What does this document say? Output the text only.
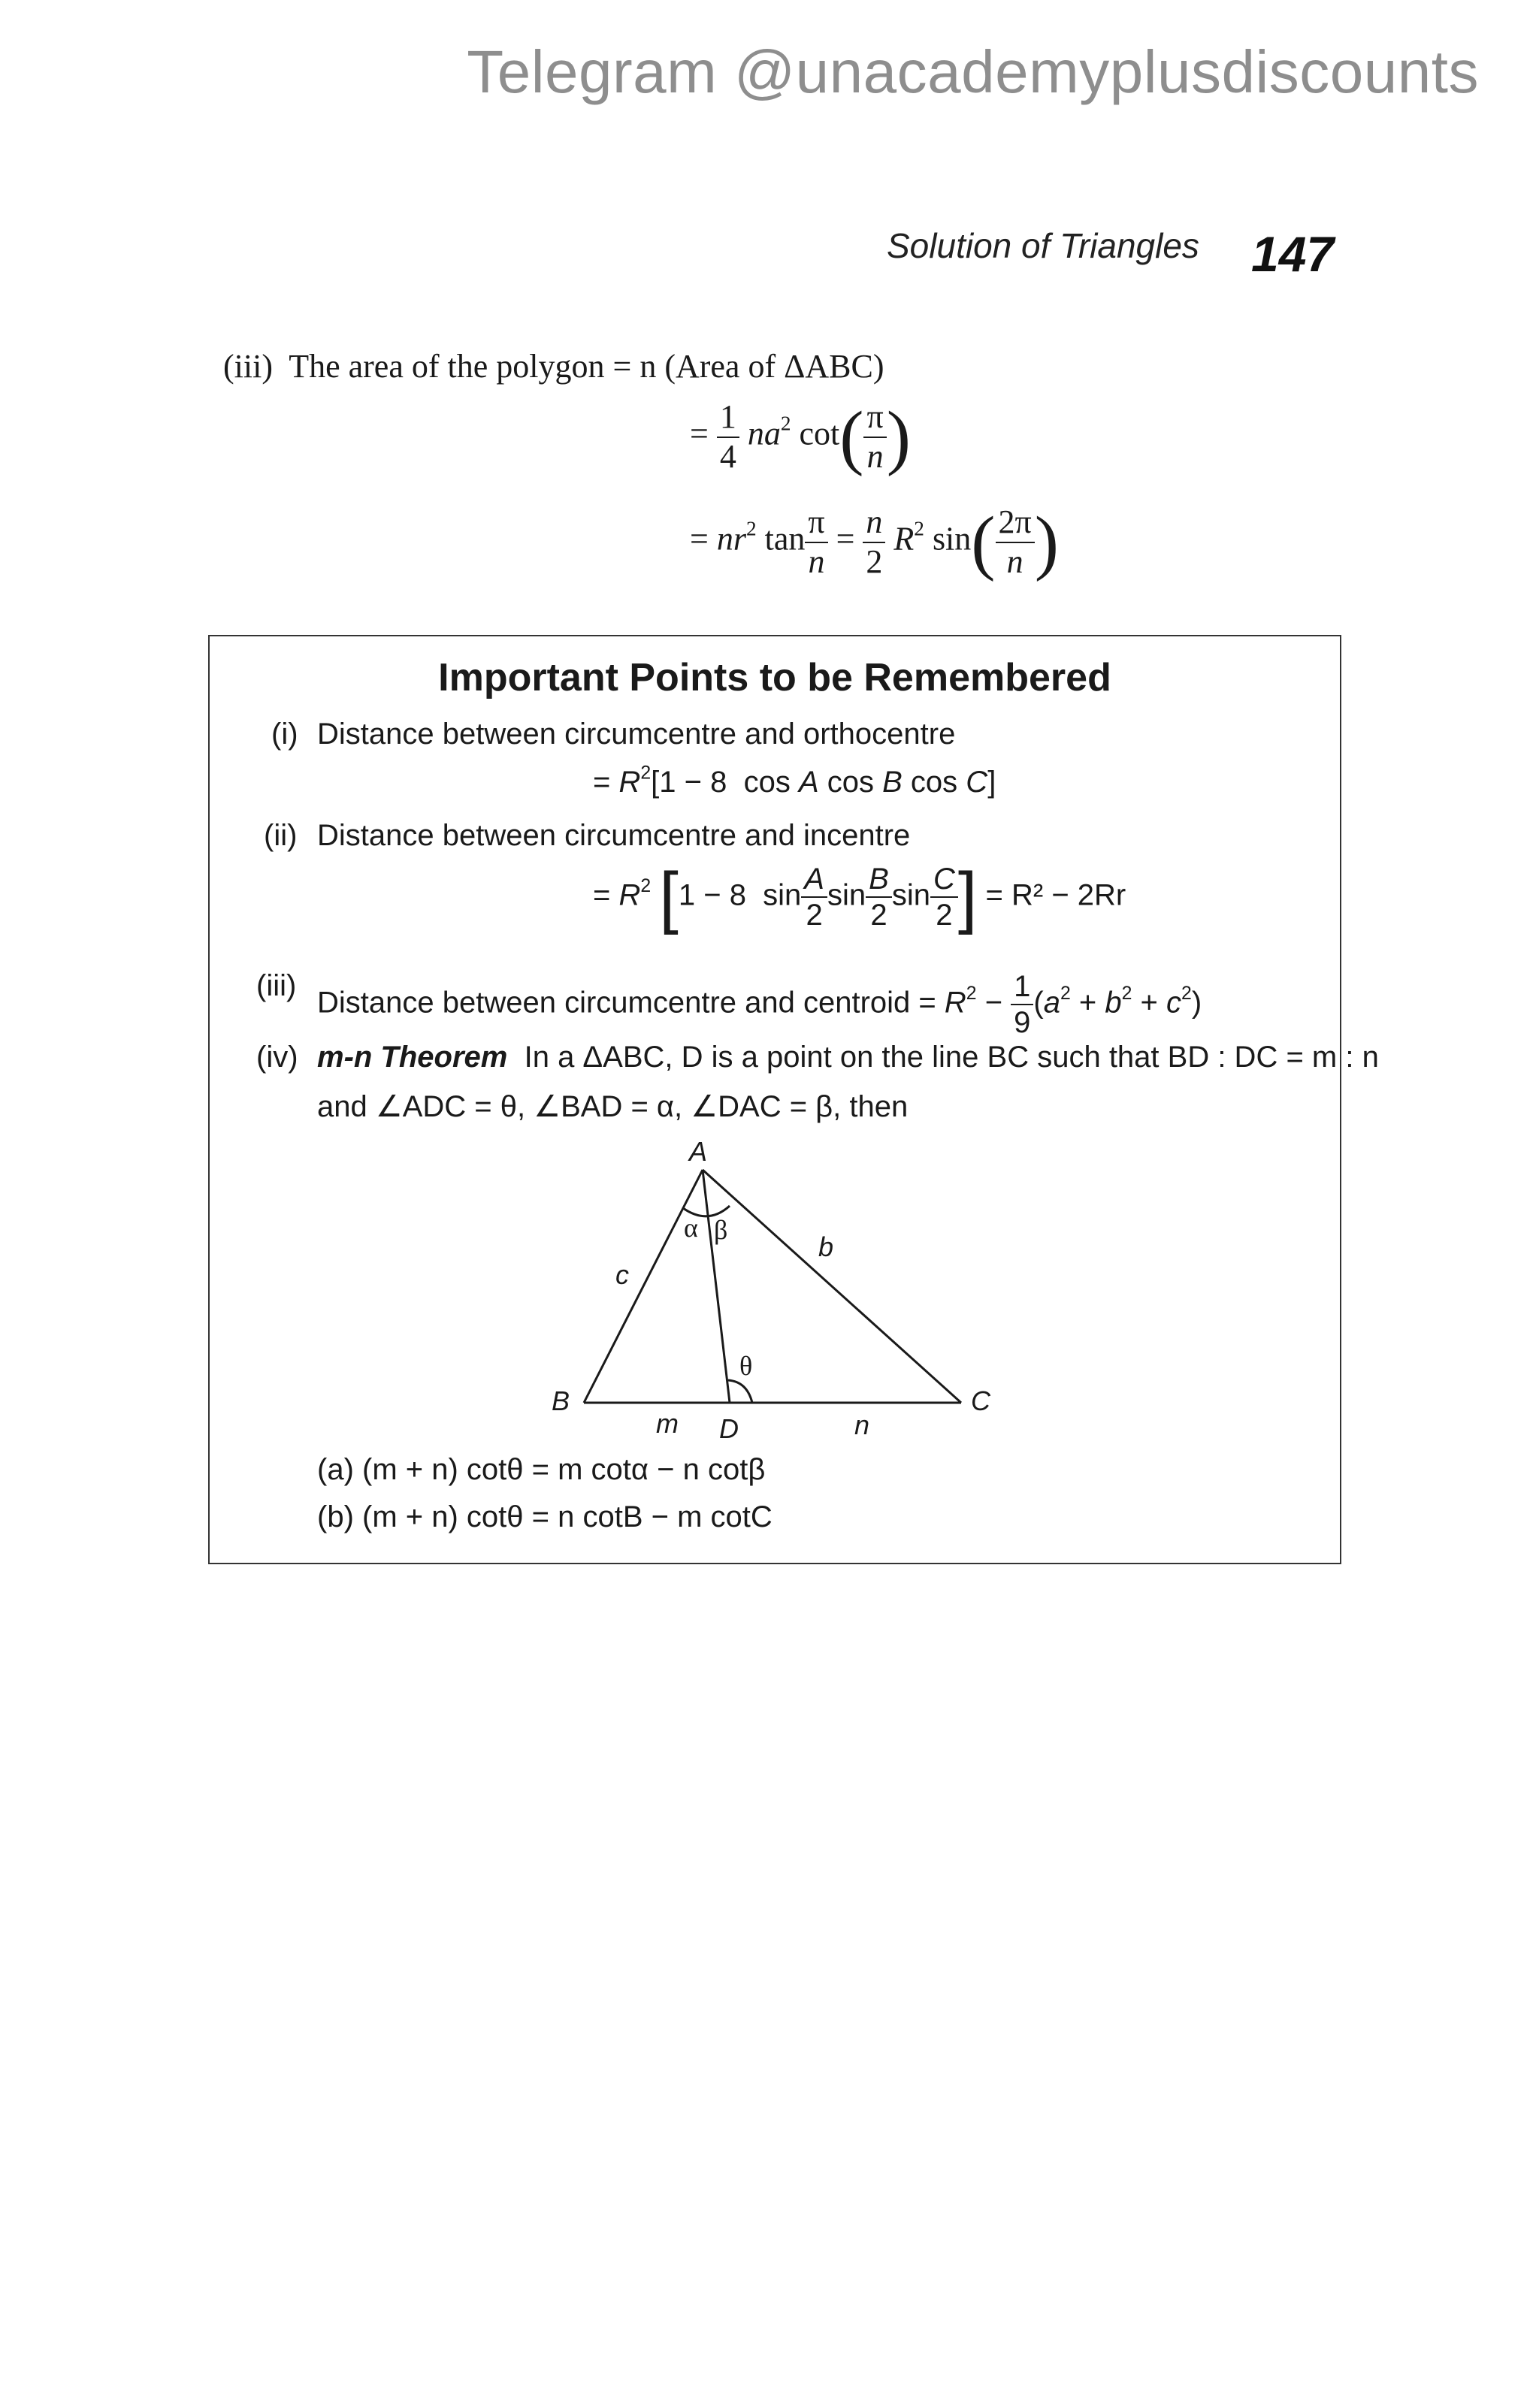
Telegram @unacademyplusdiscounts
Solution of Triangles 147
(iii) The area of the polygon = n (Area of ΔABC)
= $\frac{1}{4} na^2$ $\cot( \frac{\pi}{n}$ )
= $nr^2$ $\tan \frac{\pi}{n} = \frac{n}{2} R^2$ $\sin( \frac{2\pi}{n}$ )
Important Points to be Remembered
(i) Distance between circumcentre and orthocentre
= $R^2[1 - 8$  cos A cos B cos C]
(ii) Distance between circumcentre and incentre
= $R^2$ [1 − 8  $\sin \frac{A}{2}$ $\sin \frac{B}{2}$ $\sin \frac{C}{2}$ ] = R² − 2Rr
(iii)
Distance between circumcentre and centroid = $R^2 - \frac{1}{9} (a^2 + b^2 + c^2)$
(iv) m-n Theorem In a ΔABC, D is a point on the line BC such that BD : DC = m : n
and ∠ADC = θ, ∠BAD = α, ∠DAC = β, then
A
B	C
D
b
c
m	n
α β
θ
(a) (m + n) cotθ = m cotα − n cotβ
(b) (m + n) cotθ = n cotB − m cotC
